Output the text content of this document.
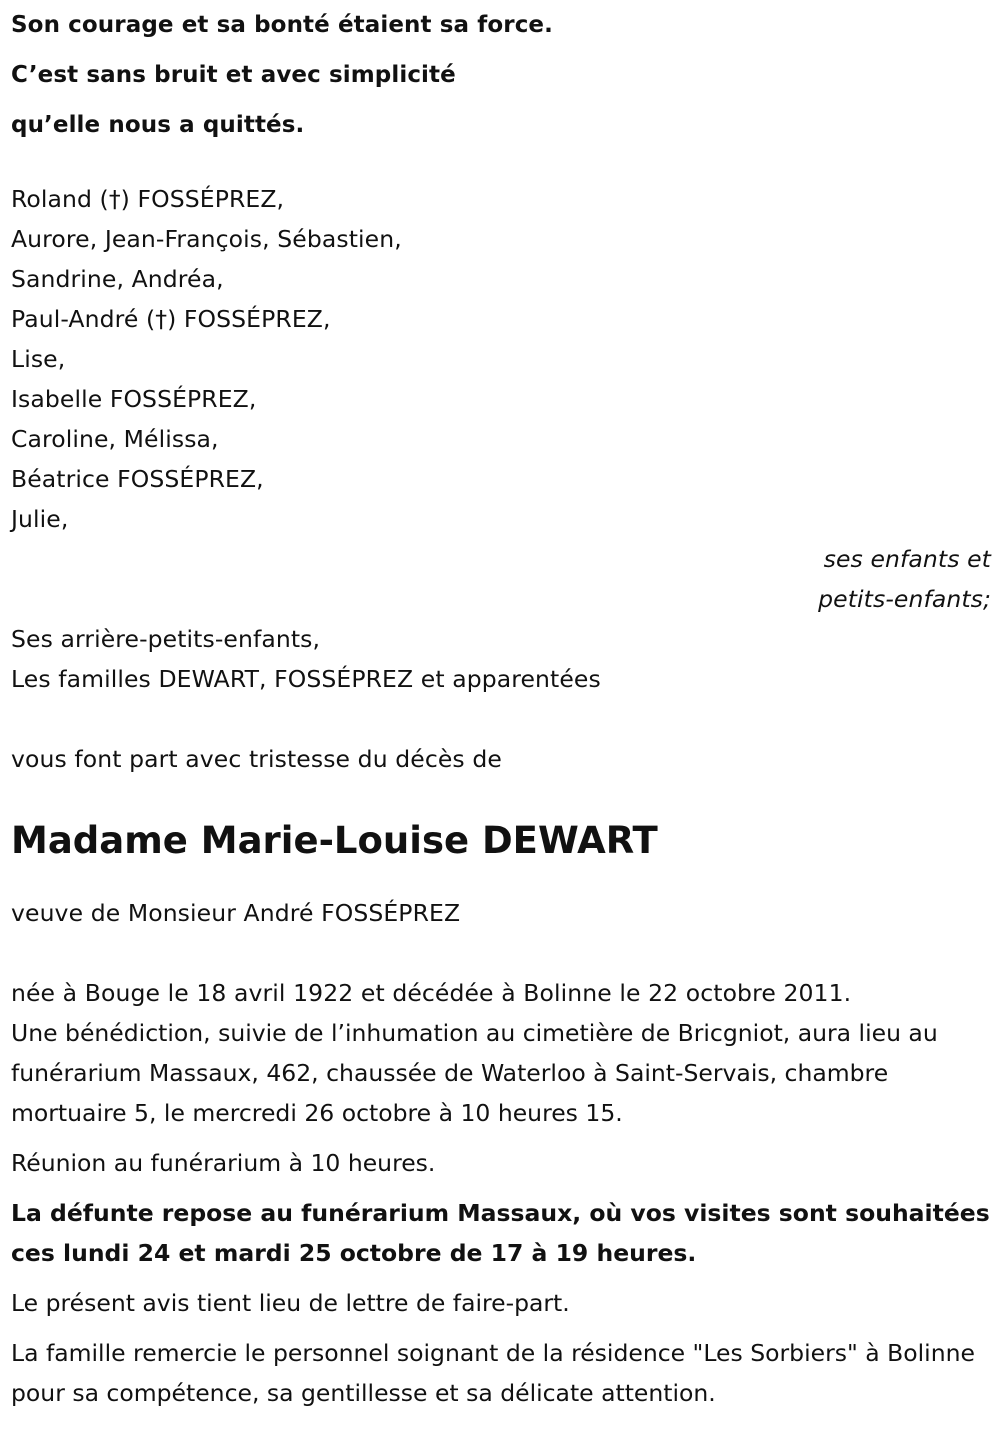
Son courage et sa bonté étaient sa force.
C’est sans bruit et avec simplicité
qu’elle nous a quittés.
Roland (†) FOSSÉPREZ,
Aurore, Jean-François, Sébastien,
Sandrine, Andréa,
Paul-André (†) FOSSÉPREZ,
Lise,
Isabelle FOSSÉPREZ,
Caroline, Mélissa,
Béatrice FOSSÉPREZ,
Julie,
ses enfants et
petits-enfants;
Ses arrière-petits-enfants,
Les familles DEWART, FOSSÉPREZ et apparentées
vous font part avec tristesse du décès de
Madame Marie-Louise DEWART
veuve de Monsieur André FOSSÉPREZ
née à Bouge le 18 avril 1922 et décédée à Bolinne le 22 octobre 2011.
Une bénédiction, suivie de l’inhumation au cimetière de Bricgniot, aura lieu au funérarium Massaux, 462, chaussée de Waterloo à Saint-Servais, chambre mortuaire 5, le mercredi 26 octobre à 10 heures 15.
Réunion au funérarium à 10 heures.
La défunte repose au funérarium Massaux, où vos visites sont souhaitées ces lundi 24 et mardi 25 octobre de 17 à 19 heures.
Le présent avis tient lieu de lettre de faire-part.
La famille remercie le personnel soignant de la résidence "Les Sorbiers" à Bolinne pour sa compétence, sa gentillesse et sa délicate attention.
